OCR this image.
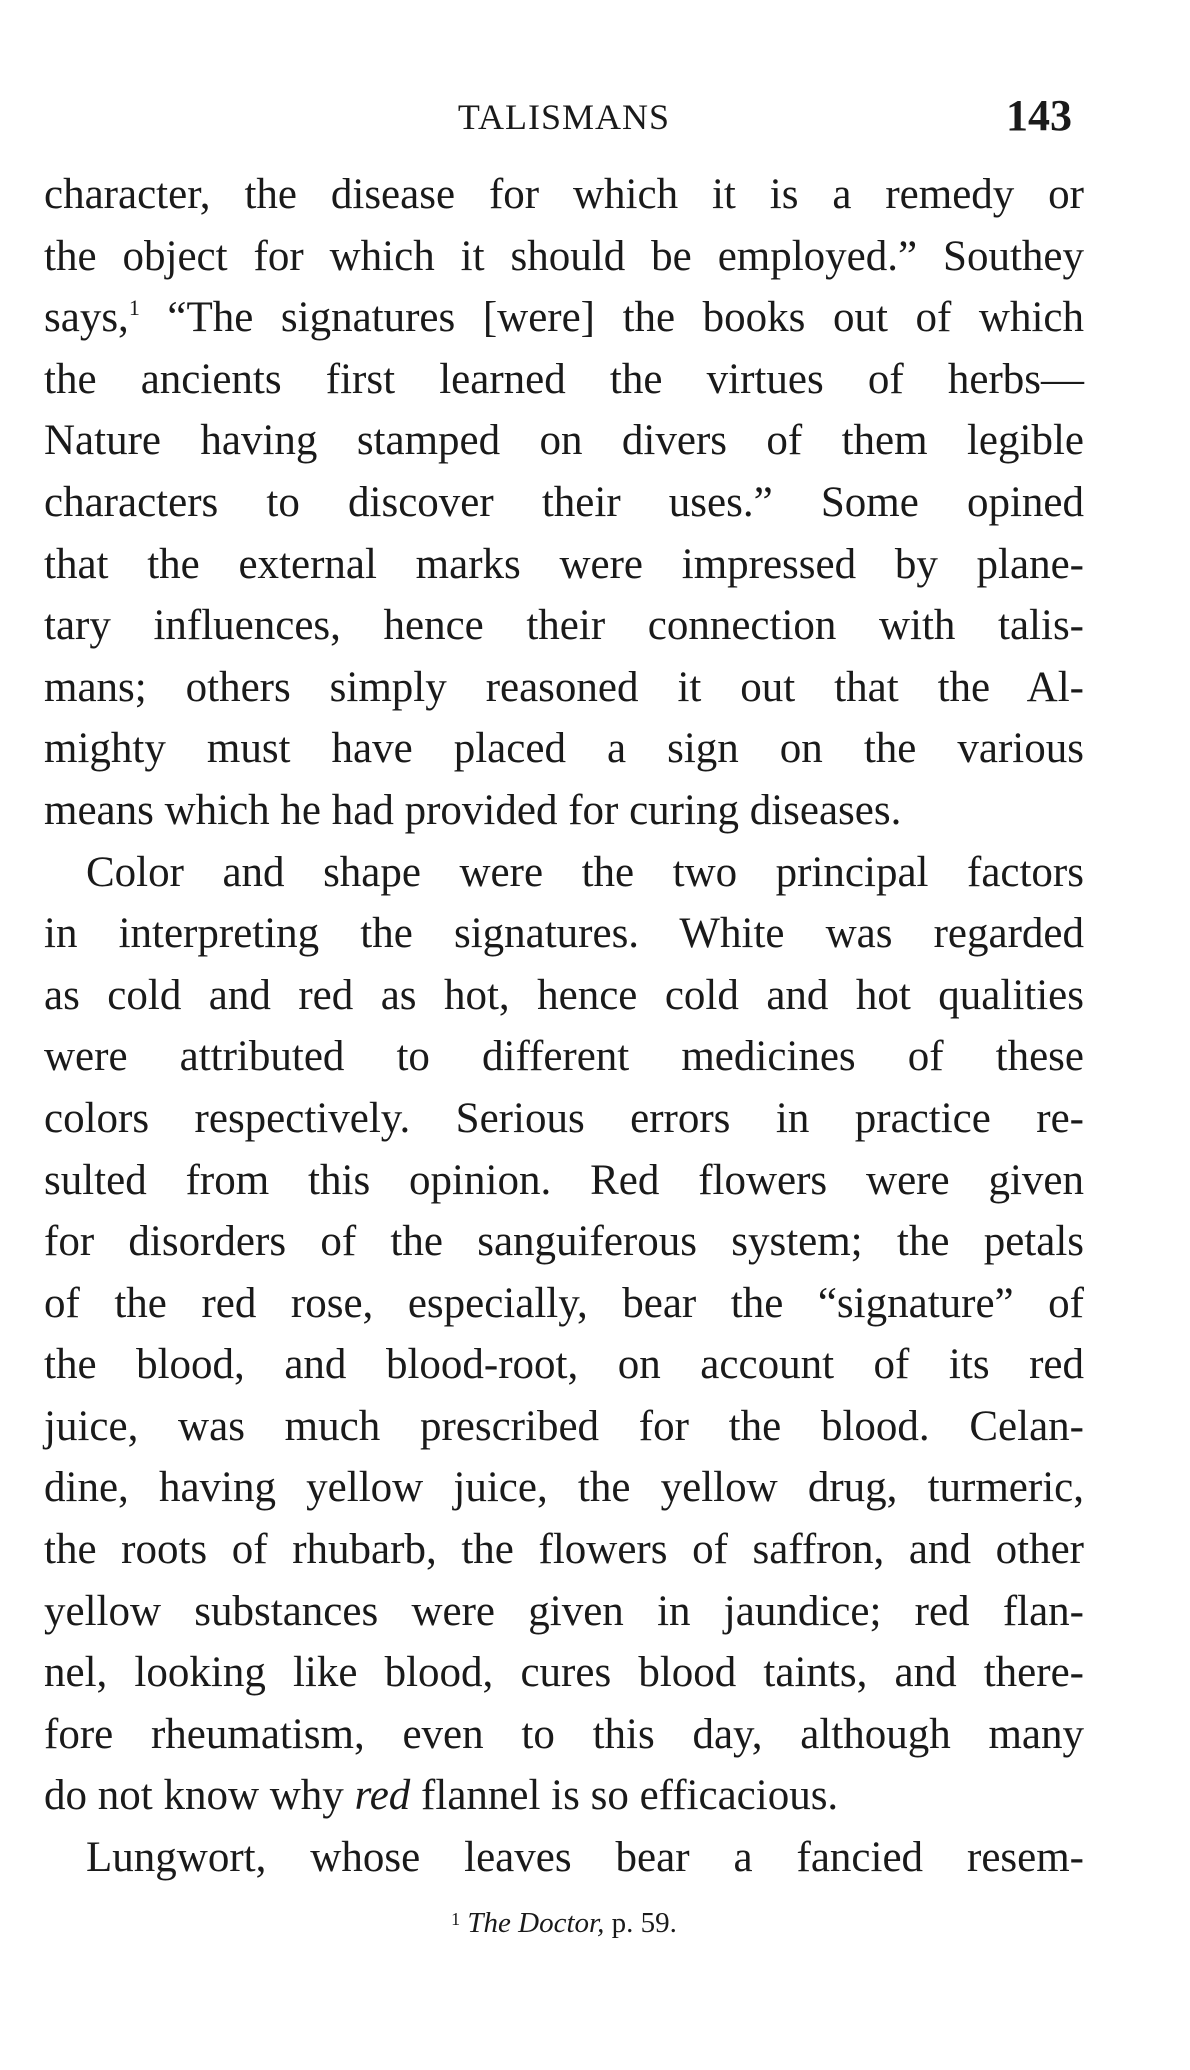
TALISMANS	143
character, the disease for which it is a remedy or
the object for which it should be employed.” Southey
says,$^1$ “The signatures [were] the books out of which
the ancients first learned the virtues of herbs—
Nature having stamped on divers of them legible
characters to discover their uses.” Some opined
that the external marks were impressed by plane-
tary influences, hence their connection with talis-
mans; others simply reasoned it out that the Al-
mighty must have placed a sign on the various
means which he had provided for curing diseases.
Color and shape were the two principal factors
in interpreting the signatures. White was regarded
as cold and red as hot, hence cold and hot qualities
were attributed to different medicines of these
colors respectively. Serious errors in practice re-
sulted from this opinion. Red flowers were given
for disorders of the sanguiferous system; the petals
of the red rose, especially, bear the “signature” of
the blood, and blood-root, on account of its red
juice, was much prescribed for the blood. Celan-
dine, having yellow juice, the yellow drug, turmeric,
the roots of rhubarb, the flowers of saffron, and other
yellow substances were given in jaundice; red flan-
nel, looking like blood, cures blood taints, and there-
fore rheumatism, even to this day, although many
do not know why red flannel is so efficacious.
Lungwort, whose leaves bear a fancied resem-
$^1$ The Doctor, p. 59.
